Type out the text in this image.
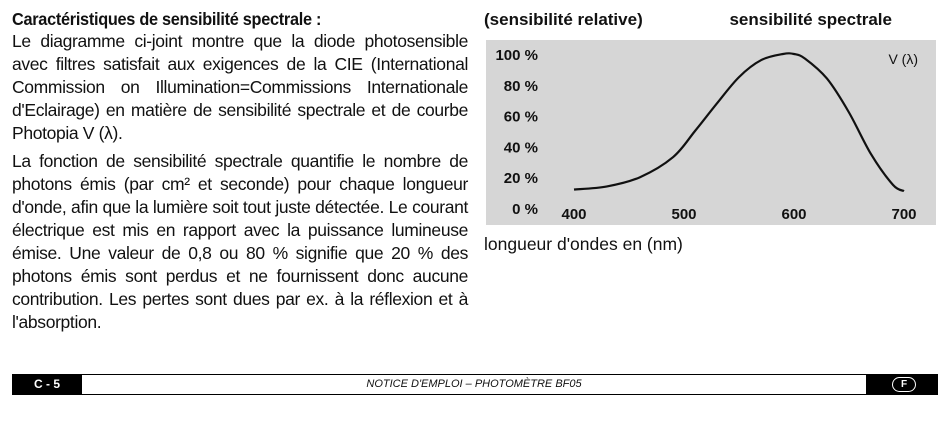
Caractéristiques de sensibilité spectrale :

Le diagramme ci-joint montre que la diode photosensible avec filtres satisfait aux exigences de la CIE (International Commission on Illumination=Commissions Internationale d'Eclairage) en matière de sensibilité spectrale et de courbe Photopia V (λ).

La fonction de sensibilité spectrale quantifie le nombre de photons émis (par cm² et seconde) pour chaque longueur d'onde, afin que la lumière soit tout juste détectée. Le courant électrique est mis en rapport avec la puissance lumineuse émise. Une valeur de 0,8 ou 80 % signifie que 20 % des photons émis sont perdus et ne fournissent donc aucune contribution. Les pertes sont dues par ex. à la réflexion et à l'absorption.

(sensibilité relative)	sensibilité spectrale
0 %
20 %
40 %
60 %
80 %
100 %
400	500	600	700
V (λ)
longueur d'ondes en (nm)
C - 5	NOTICE D'EMPLOI – PHOTOMÈTRE BF05	F
